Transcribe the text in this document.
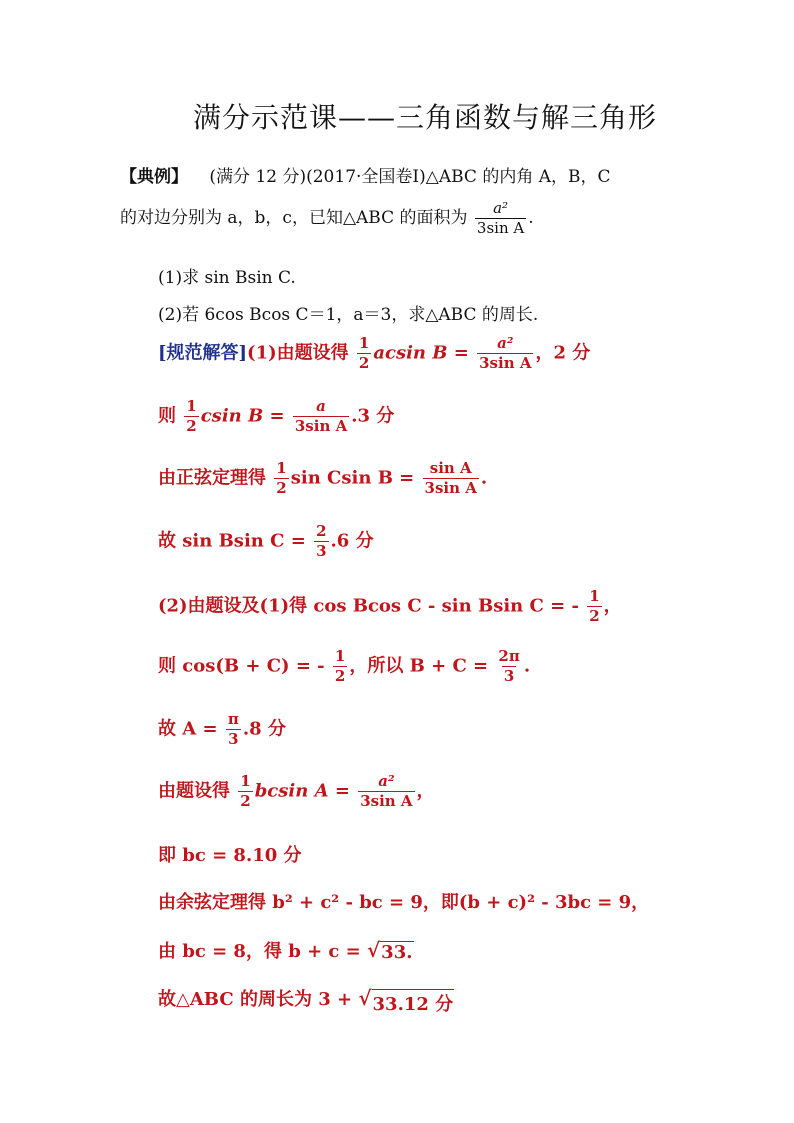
满分示范课——三角函数与解三角形
【典例】 (满分 12 分)(2017·全国卷Ⅰ)△ABC 的内角 A，B，C
的对边分别为 a，b，c，已知△ABC 的面积为 $\frac{\text{a²}}{\text{3sin A}}$ .
(1)求 sin Bsin C.
(2)若 6cos Bcos C＝1，a＝3，求△ABC 的周长.
[规范解答](1)由题设得 $\frac{1}{2}$ acsin $B = \frac{\text{a²}}{\text{3sin A}}$ ，2 分
则 $\frac{1}{2}$ csin $B = \frac{a}{\text{3sin A}} .3$ 分
由正弦定理得 $\frac{1}{2}$ sin Csin $B = \frac{\text{sin A}}{\text{3sin A}}$ .
故 sin Bsin $C = \frac{2}{3} .6$ 分
(2)由题设及(1)得 cos Bcos C - sin Bsin C = - $\frac{1}{2}$ ，
则 cos(B + C) = - $\frac{1}{2}$ ，所以 $B + C = \frac{2\pi}{3}$ .
故 $A = \frac{\pi}{3} .8$ 分
由题设得 $\frac{1}{2}$ bcsin $A = \frac{\text{a²}}{\text{3sin A}}$ ，
即 bc = 8.10 分
由余弦定理得 b² + c² - bc = 9，即(b + c)² - 3bc = 9，
由 bc = 8，得 b + c = √ 33.
故△ABC 的周长为 3 + √ 33.12 分
